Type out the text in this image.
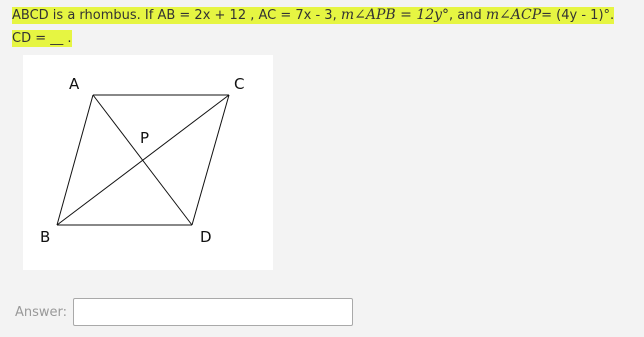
ABCD is a rhombus. If AB = 2x + 12 , AC = 7x - 3, m∠APB = 12y°, and m∠ACP= (4y - 1)°.
CD = __ .
A	C
P
B	D
Answer:
